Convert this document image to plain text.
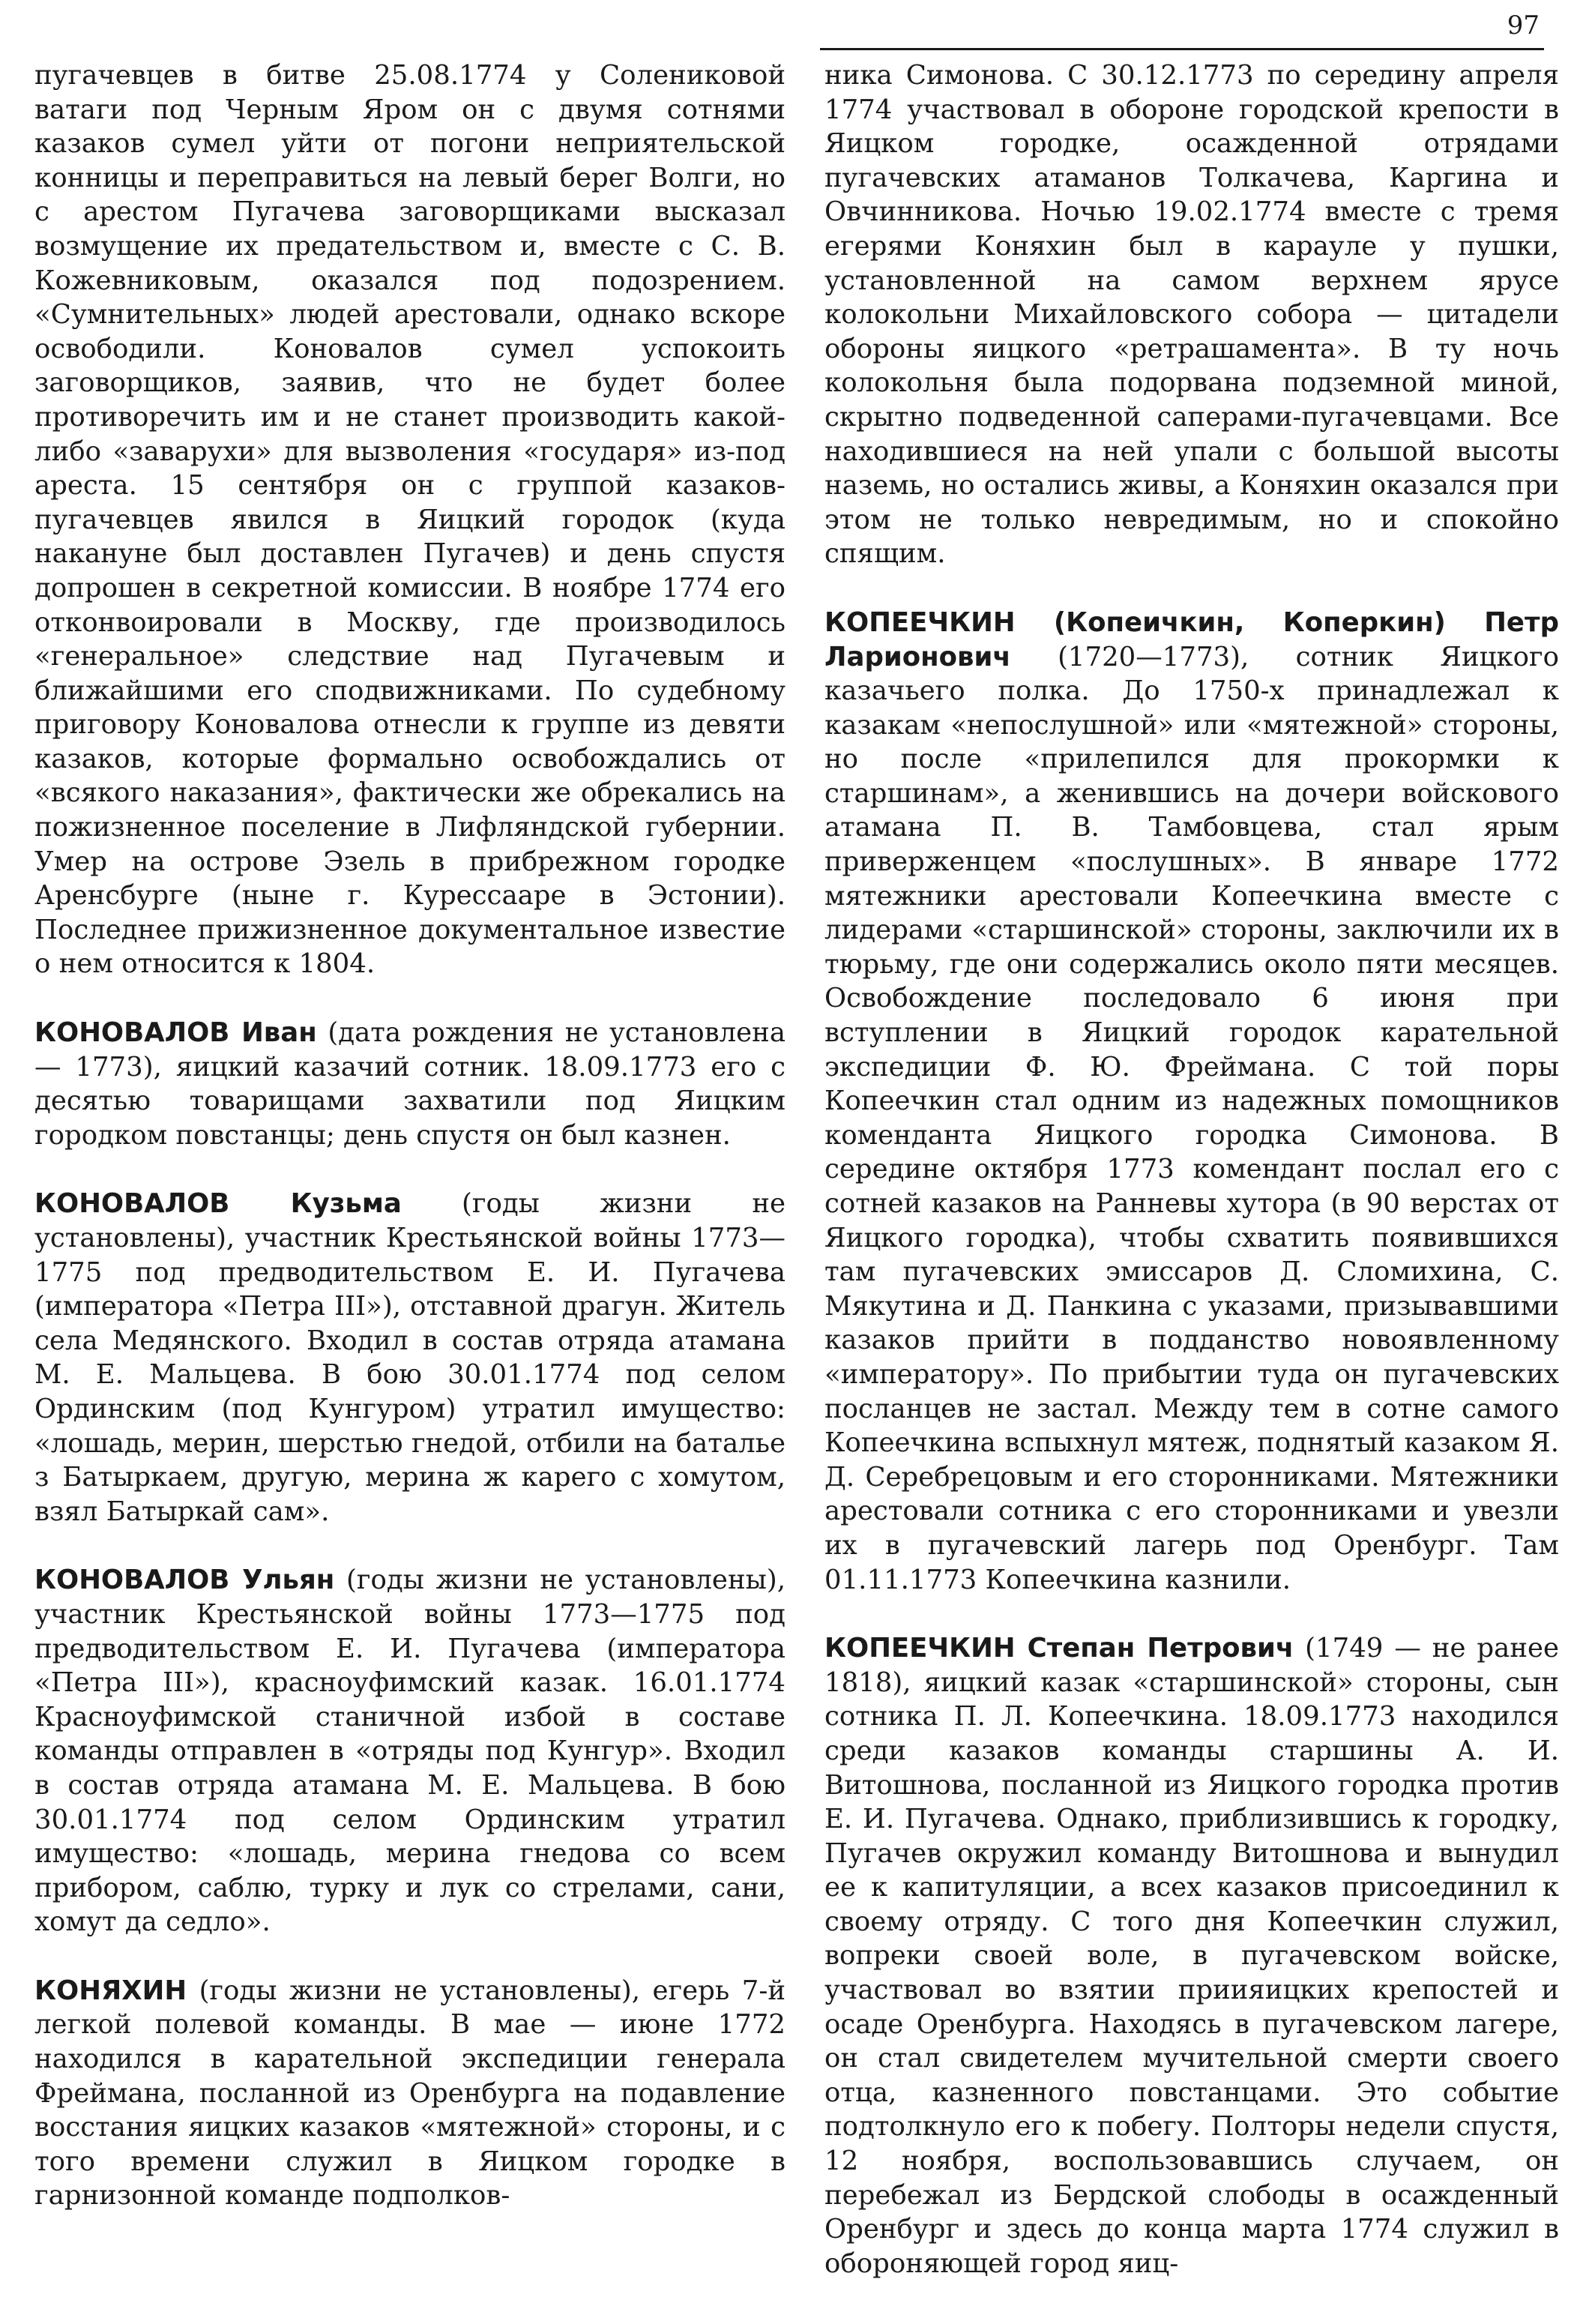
97

пугачевцев в битве 25.08.1774 у Солениковой ватаги под Черным Яром он с двумя сотнями казаков сумел уйти от погони неприятельской конницы и переправиться на левый берег Волги, но с арестом Пугачева заговорщиками высказал возмущение их предательством и, вместе с С. В. Кожевниковым, оказался под подозрением. «Сумнительных» людей арестовали, однако вскоре освободили. Коновалов сумел успокоить заговорщиков, заявив, что не будет более противоречить им и не станет производить какой-либо «заварухи» для вызволения «государя» из-под ареста. 15 сентября он с группой казаков-пугачевцев явился в Яицкий городок (куда накануне был доставлен Пугачев) и день спустя допрошен в секретной комиссии. В ноябре 1774 его отконвоировали в Москву, где производилось «генеральное» следствие над Пугачевым и ближайшими его сподвижниками. По судебному приговору Коновалова отнесли к группе из девяти казаков, которые формально освобождались от «всякого наказания», фактически же обрекались на пожизненное поселение в Лифляндской губернии. Умер на острове Эзель в прибрежном городке Аренсбурге (ныне г. Курессааре в Эстонии). Последнее прижизненное документальное известие о нем относится к 1804.

КОНОВАЛОВ Иван (дата рождения не установлена — 1773), яицкий казачий сотник. 18.09.1773 его с десятью товарищами захватили под Яицким городком повстанцы; день спустя он был казнен.

КОНОВАЛОВ Кузьма (годы жизни не установлены), участник Крестьянской войны 1773—1775 под предводительством Е. И. Пугачева (императора «Петра III»), отставной драгун. Житель села Медянского. Входил в состав отряда атамана М. Е. Мальцева. В бою 30.01.1774 под селом Ординским (под Кунгуром) утратил имущество: «лошадь, мерин, шерстью гнедой, отбили на баталье з Батыркаем, другую, мерина ж карего с хомутом, взял Батыркай сам».

КОНОВАЛОВ Ульян (годы жизни не установлены), участник Крестьянской войны 1773—1775 под предводительством Е. И. Пугачева (императора «Петра III»), красноуфимский казак. 16.01.1774 Красноуфимской станичной избой в составе команды отправлен в «отряды под Кунгур». Входил в состав отряда атамана М. Е. Мальцева. В бою 30.01.1774 под селом Ординским утратил имущество: «лошадь, мерина гнедова со всем прибором, саблю, турку и лук со стрелами, сани, хомут да седло».

КОНЯХИН (годы жизни не установлены), егерь 7-й легкой полевой команды. В мае — июне 1772 находился в карательной экспедиции генерала Фреймана, посланной из Оренбурга на подавление восстания яицких казаков «мятежной» стороны, и с того времени служил в Яицком городке в гарнизонной команде подполков-

ника Симонова. С 30.12.1773 по середину апреля 1774 участвовал в обороне городской крепости в Яицком городке, осажденной отрядами пугачевских атаманов Толкачева, Каргина и Овчинникова. Ночью 19.02.1774 вместе с тремя егерями Коняхин был в карауле у пушки, установленной на самом верхнем ярусе колокольни Михайловского собора — цитадели обороны яицкого «ретрашамента». В ту ночь колокольня была подорвана подземной миной, скрытно подведенной саперами-пугачевцами. Все находившиеся на ней упали с большой высоты наземь, но остались живы, а Коняхин оказался при этом не только невредимым, но и спокойно спящим.

КОПЕЕЧКИН (Копеичкин, Коперкин) Петр Ларионович (1720—1773), сотник Яицкого казачьего полка. До 1750-х принадлежал к казакам «непослушной» или «мятежной» стороны, но после «прилепился для прокормки к старшинам», а женившись на дочери войскового атамана П. В. Тамбовцева, стал ярым приверженцем «послушных». В январе 1772 мятежники арестовали Копеечкина вместе с лидерами «старшинской» стороны, заключили их в тюрьму, где они содержались около пяти месяцев. Освобождение последовало 6 июня при вступлении в Яицкий городок карательной экспедиции Ф. Ю. Фреймана. С той поры Копеечкин стал одним из надежных помощников коменданта Яицкого городка Симонова. В середине октября 1773 комендант послал его с сотней казаков на Ранневы хутора (в 90 верстах от Яицкого городка), чтобы схватить появившихся там пугачевских эмиссаров Д. Сломихина, С. Мякутина и Д. Панкина с указами, призывавшими казаков прийти в подданство новоявленному «императору». По прибытии туда он пугачевских посланцев не застал. Между тем в сотне самого Копеечкина вспыхнул мятеж, поднятый казаком Я. Д. Серебрецовым и его сторонниками. Мятежники арестовали сотника с его сторонниками и увезли их в пугачевский лагерь под Оренбург. Там 01.11.1773 Копеечкина казнили.

КОПЕЕЧКИН Степан Петрович (1749 — не ранее 1818), яицкий казак «старшинской» стороны, сын сотника П. Л. Копеечкина. 18.09.1773 находился среди казаков команды старшины А. И. Витошнова, посланной из Яицкого городка против Е. И. Пугачева. Однако, приблизившись к городку, Пугачев окружил команду Витошнова и вынудил ее к капитуляции, а всех казаков присоединил к своему отряду. С того дня Копеечкин служил, вопреки своей воле, в пугачевском войске, участвовал во взятии приияицких крепостей и осаде Оренбурга. Находясь в пугачевском лагере, он стал свидетелем мучительной смерти своего отца, казненного повстанцами. Это событие подтолкнуло его к побегу. Полторы недели спустя, 12 ноября, воспользовавшись случаем, он перебежал из Бердской слободы в осажденный Оренбург и здесь до конца марта 1774 служил в обороняющей город яиц-
